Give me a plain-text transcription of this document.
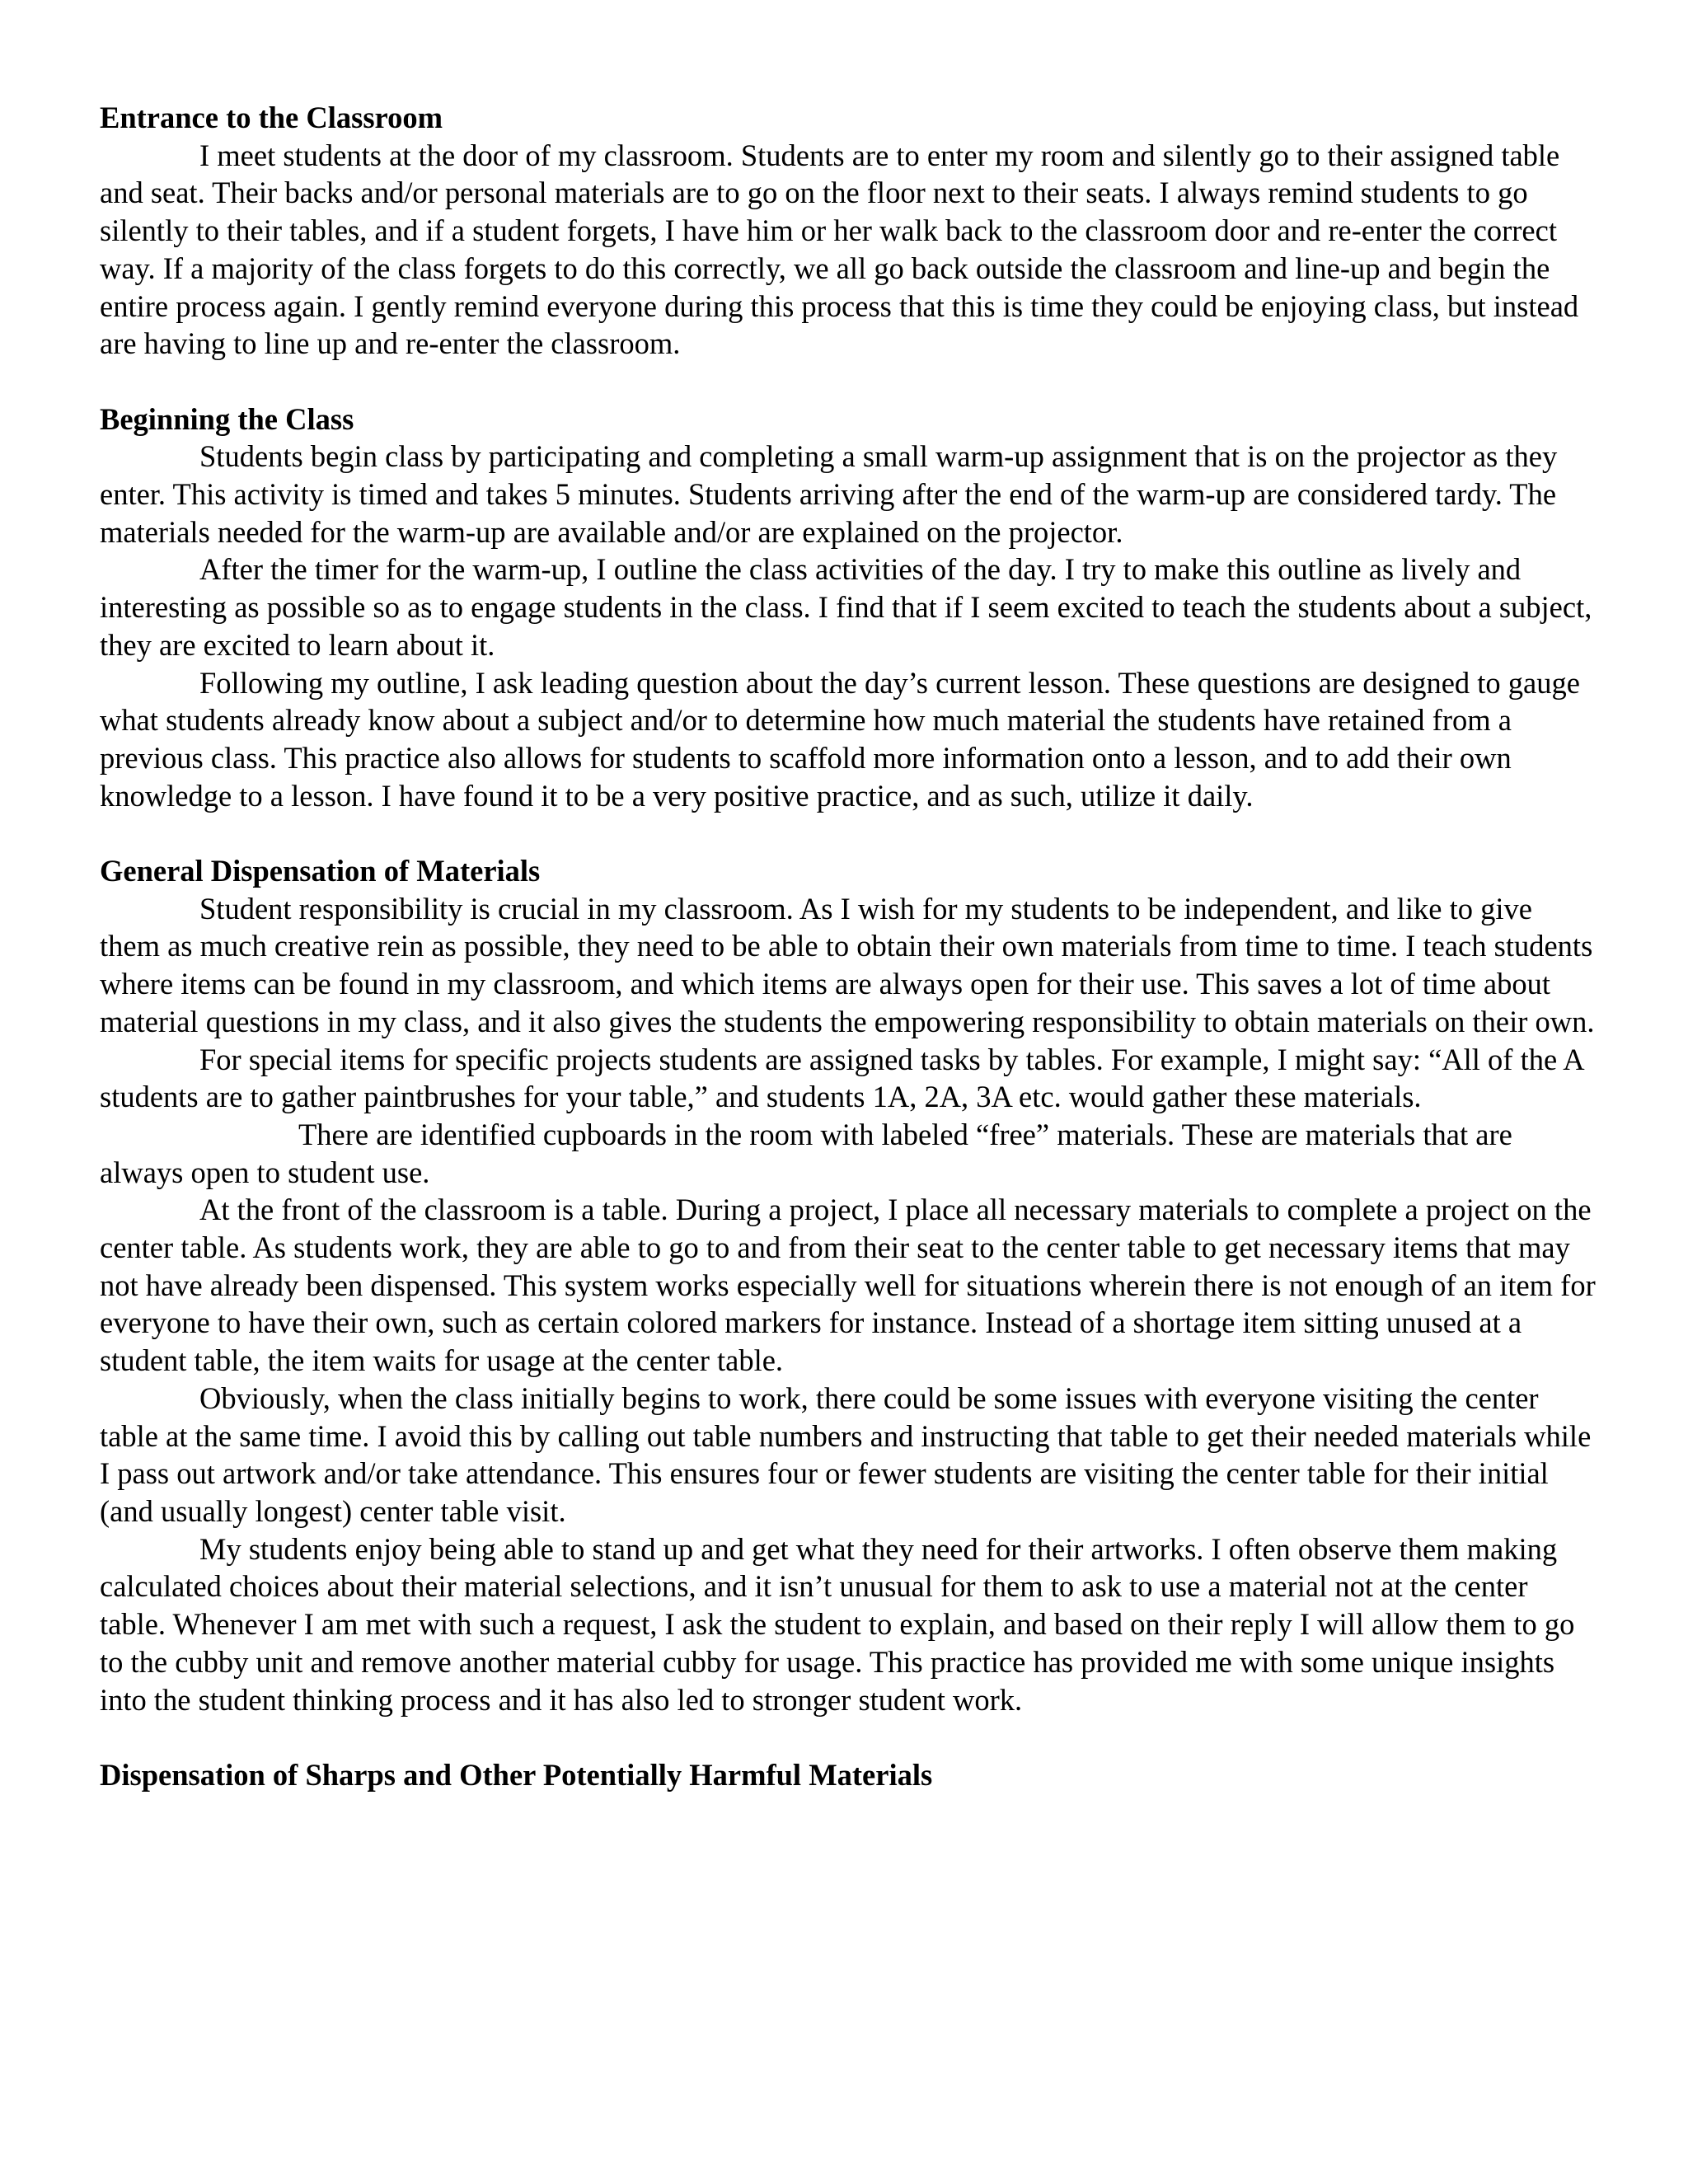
Entrance to the Classroom

I meet students at the door of my classroom. Students are to enter my room and silently go to their assigned table and seat. Their backs and/or personal materials are to go on the floor next to their seats. I always remind students to go silently to their tables, and if a student forgets, I have him or her walk back to the classroom door and re-enter the correct way. If a majority of the class forgets to do this correctly, we all go back outside the classroom and line-up and begin the entire process again. I gently remind everyone during this process that this is time they could be enjoying class, but instead are having to line up and re-enter the classroom.

Beginning the Class

Students begin class by participating and completing a small warm-up assignment that is on the projector as they enter. This activity is timed and takes 5 minutes. Students arriving after the end of the warm-up are considered tardy. The materials needed for the warm-up are available and/or are explained on the projector.

After the timer for the warm-up, I outline the class activities of the day. I try to make this outline as lively and interesting as possible so as to engage students in the class. I find that if I seem excited to teach the students about a subject, they are excited to learn about it.

Following my outline, I ask leading question about the day’s current lesson. These questions are designed to gauge what students already know about a subject and/or to determine how much material the students have retained from a previous class. This practice also allows for students to scaffold more information onto a lesson, and to add their own knowledge to a lesson. I have found it to be a very positive practice, and as such, utilize it daily.

General Dispensation of Materials

Student responsibility is crucial in my classroom. As I wish for my students to be independent, and like to give them as much creative rein as possible, they need to be able to obtain their own materials from time to time. I teach students where items can be found in my classroom, and which items are always open for their use. This saves a lot of time about material questions in my class, and it also gives the students the empowering responsibility to obtain materials on their own.

For special items for specific projects students are assigned tasks by tables. For example, I might say: “All of the A students are to gather paintbrushes for your table,” and students 1A, 2A, 3A etc. would gather these materials.

There are identified cupboards in the room with labeled “free” materials. These are materials that are always open to student use.

At the front of the classroom is a table. During a project, I place all necessary materials to complete a project on the center table. As students work, they are able to go to and from their seat to the center table to get necessary items that may not have already been dispensed. This system works especially well for situations wherein there is not enough of an item for everyone to have their own, such as certain colored markers for instance. Instead of a shortage item sitting unused at a student table, the item waits for usage at the center table.

Obviously, when the class initially begins to work, there could be some issues with everyone visiting the center table at the same time. I avoid this by calling out table numbers and instructing that table to get their needed materials while I pass out artwork and/or take attendance. This ensures four or fewer students are visiting the center table for their initial (and usually longest) center table visit.

My students enjoy being able to stand up and get what they need for their artworks. I often observe them making calculated choices about their material selections, and it isn’t unusual for them to ask to use a material not at the center table. Whenever I am met with such a request, I ask the student to explain, and based on their reply I will allow them to go to the cubby unit and remove another material cubby for usage. This practice has provided me with some unique insights into the student thinking process and it has also led to stronger student work.

Dispensation of Sharps and Other Potentially Harmful Materials
